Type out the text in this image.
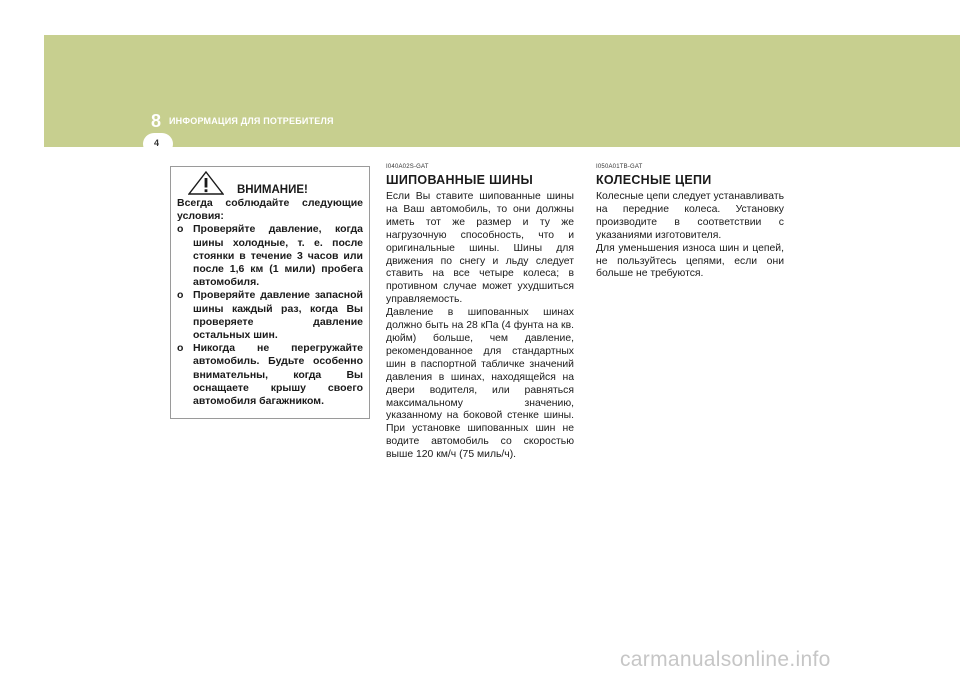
8 ИНФОРМАЦИЯ ДЛЯ ПОТРЕБИТЕЛЯ
4
ВНИМАНИЕ!

Всегда соблюдайте следующие условия:

o Проверяйте давление, когда шины холодные, т. е. после стоянки в течение 3 часов или после 1,6 км (1 мили) пробега автомобиля.
o Проверяйте давление запасной шины каждый раз, когда Вы проверяете давление остальных шин.
o Никогда не перегружайте автомобиль. Будьте особенно внимательны, когда Вы оснащаете крышу своего автомобиля багажником.
I040A02S-GAT
ШИПОВАННЫЕ ШИНЫ

Если Вы ставите шипованные шины на Ваш автомобиль, то они должны иметь тот же размер и ту же нагрузочную способность, что и оригинальные шины. Шины для движения по снегу и льду следует ставить на все четыре колеса; в противном случае может ухудшиться управляемость.

Давление в шипованных шинах должно быть на 28 кПа (4 фунта на кв. дюйм) больше, чем давление, рекомендованное для стандартных шин в паспортной табличке значений давления в шинах, находящейся на двери водителя, или равняться максимальному значению, указанному на боковой стенке шины. При установке шипованных шин не водите автомобиль со скоростью выше 120 км/ч (75 миль/ч).

I050A01TB-GAT
КОЛЕСНЫЕ ЦЕПИ

Колесные цепи следует устанавливать на передние колеса. Установку производите в соответствии с указаниями изготовителя.

Для уменьшения износа шин и цепей, не пользуйтесь цепями, если они больше не требуются.

carmanualsonline.info
